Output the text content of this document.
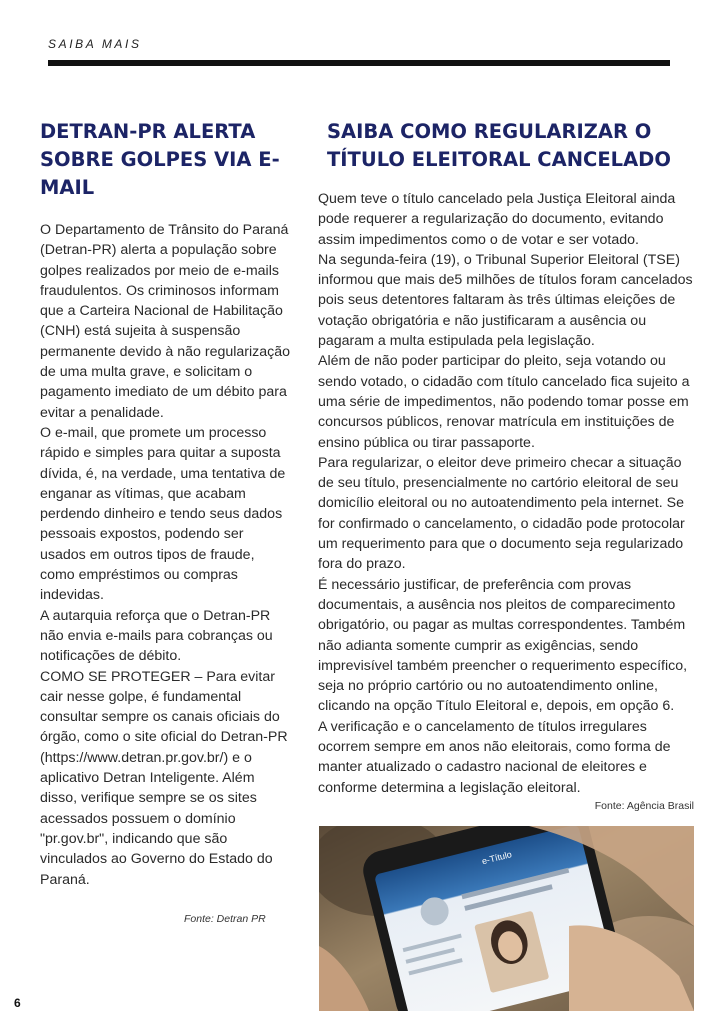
SAIBA MAIS
DETRAN-PR ALERTA SOBRE GOLPES VIA E-MAIL

O Departamento de Trânsito do Paraná (Detran-PR) alerta a população sobre golpes realizados por meio de e-mails fraudulentos. Os criminosos informam que a Carteira Nacional de Habilitação (CNH) está sujeita à suspensão permanente devido à não regularização de uma multa grave, e solicitam o pagamento imediato de um débito para evitar a penalidade.

O e-mail, que promete um processo rápido e simples para quitar a suposta dívida, é, na verdade, uma tentativa de enganar as vítimas, que acabam perdendo dinheiro e tendo seus dados pessoais expostos, podendo ser usados em outros tipos de fraude, como empréstimos ou compras indevidas.

A autarquia reforça que o Detran-PR não envia e-mails para cobranças ou notificações de débito.

COMO SE PROTEGER – Para evitar cair nesse golpe, é fundamental consultar sempre os canais oficiais do órgão, como o site oficial do Detran-PR (https://www.detran.pr.gov.br/) e o aplicativo Detran Inteligente. Além disso, verifique sempre se os sites acessados possuem o domínio "pr.gov.br", indicando que são vinculados ao Governo do Estado do Paraná.

Fonte: Detran PR
SAIBA COMO REGULARIZAR O TÍTULO ELEITORAL CANCELADO

Quem teve o título cancelado pela Justiça Eleitoral ainda pode requerer a regularização do documento, evitando assim impedimentos como o de votar e ser votado.

Na segunda-feira (19), o Tribunal Superior Eleitoral (TSE) informou que mais de5 milhões de títulos foram cancelados pois seus detentores faltaram às três últimas eleições de votação obrigatória e não justificaram a ausência ou pagaram a multa estipulada pela legislação.

Além de não poder participar do pleito, seja votando ou sendo votado, o cidadão com título cancelado fica sujeito a uma série de impedimentos, não podendo tomar posse em concursos públicos, renovar matrícula em instituições de ensino pública ou tirar passaporte.

Para regularizar, o eleitor deve primeiro checar a situação de seu título, presencialmente no cartório eleitoral de seu domicílio eleitoral ou no autoatendimento pela internet. Se for confirmado o cancelamento, o cidadão pode protocolar um requerimento para que o documento seja regularizado fora do prazo.

É necessário justificar, de preferência com provas documentais, a ausência nos pleitos de comparecimento obrigatório, ou pagar as multas correspondentes. Também não adianta somente cumprir as exigências, sendo imprevisível também preencher o requerimento específico, seja no próprio cartório ou no autoatendimento online, clicando na opção Título Eleitoral e, depois, em opção 6.

A verificação e o cancelamento de títulos irregulares ocorrem sempre em anos não eleitorais, como forma de manter atualizado o cadastro nacional de eleitores e conforme determina a legislação eleitoral.

Fonte: Agência Brasil
e-Título
6
